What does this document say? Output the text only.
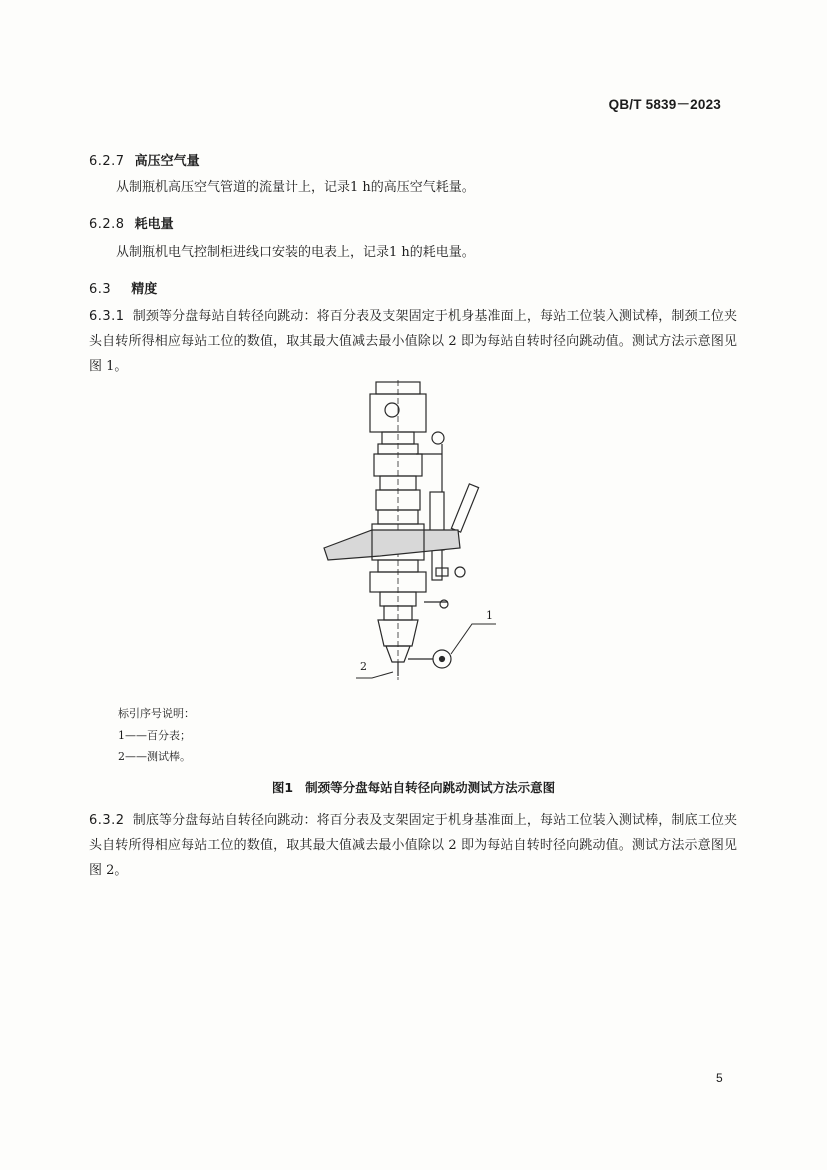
QB/T 5839－2023
6.2.7 高压空气量
从制瓶机高压空气管道的流量计上，记录1 h的高压空气耗量。
6.2.8 耗电量
从制瓶机电气控制柜进线口安装的电表上，记录1 h的耗电量。
6.3 精度
6.3.1 制颈等分盘每站自转径向跳动：将百分表及支架固定于机身基准面上，每站工位装入测试棒，制颈工位夹头自转所得相应每站工位的数值，取其最大值减去最小值除以 2 即为每站自转时径向跳动值。测试方法示意图见图 1。
1
2
标引序号说明：
1——百分表；
2——测试棒。
图1 制颈等分盘每站自转径向跳动测试方法示意图
6.3.2 制底等分盘每站自转径向跳动：将百分表及支架固定于机身基准面上，每站工位装入测试棒，制底工位夹头自转所得相应每站工位的数值，取其最大值减去最小值除以 2 即为每站自转时径向跳动值。测试方法示意图见图 2。
5
